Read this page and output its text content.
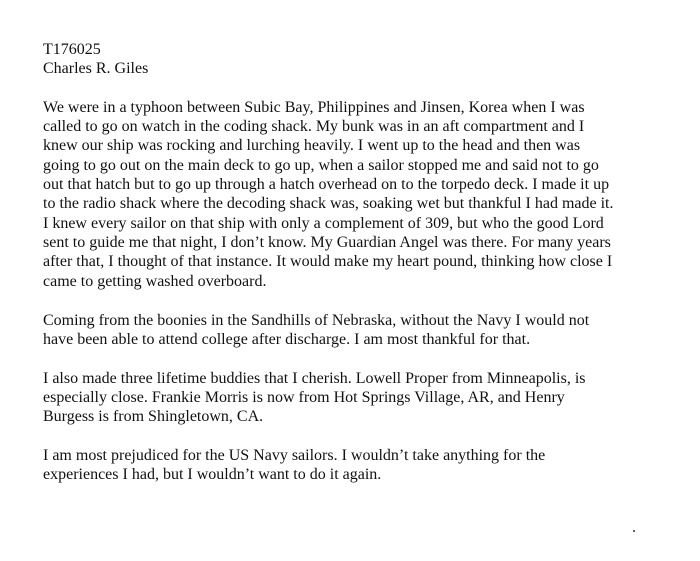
T176025

Charles R. Giles

We were in a typhoon between Subic Bay, Philippines and Jinsen, Korea when I was

called to go on watch in the coding shack. My bunk was in an aft compartment and I

knew our ship was rocking and lurching heavily. I went up to the head and then was

going to go out on the main deck to go up, when a sailor stopped me and said not to go

out that hatch but to go up through a hatch overhead on to the torpedo deck. I made it up

to the radio shack where the decoding shack was, soaking wet but thankful I had made it.

I knew every sailor on that ship with only a complement of 309, but who the good Lord

sent to guide me that night, I don’t know. My Guardian Angel was there. For many years

after that, I thought of that instance. It would make my heart pound, thinking how close I

came to getting washed overboard.

Coming from the boonies in the Sandhills of Nebraska, without the Navy I would not

have been able to attend college after discharge. I am most thankful for that.

I also made three lifetime buddies that I cherish. Lowell Proper from Minneapolis, is

especially close. Frankie Morris is now from Hot Springs Village, AR, and Henry

Burgess is from Shingletown, CA.

I am most prejudiced for the US Navy sailors. I wouldn’t take anything for the

experiences I had, but I wouldn’t want to do it again.
